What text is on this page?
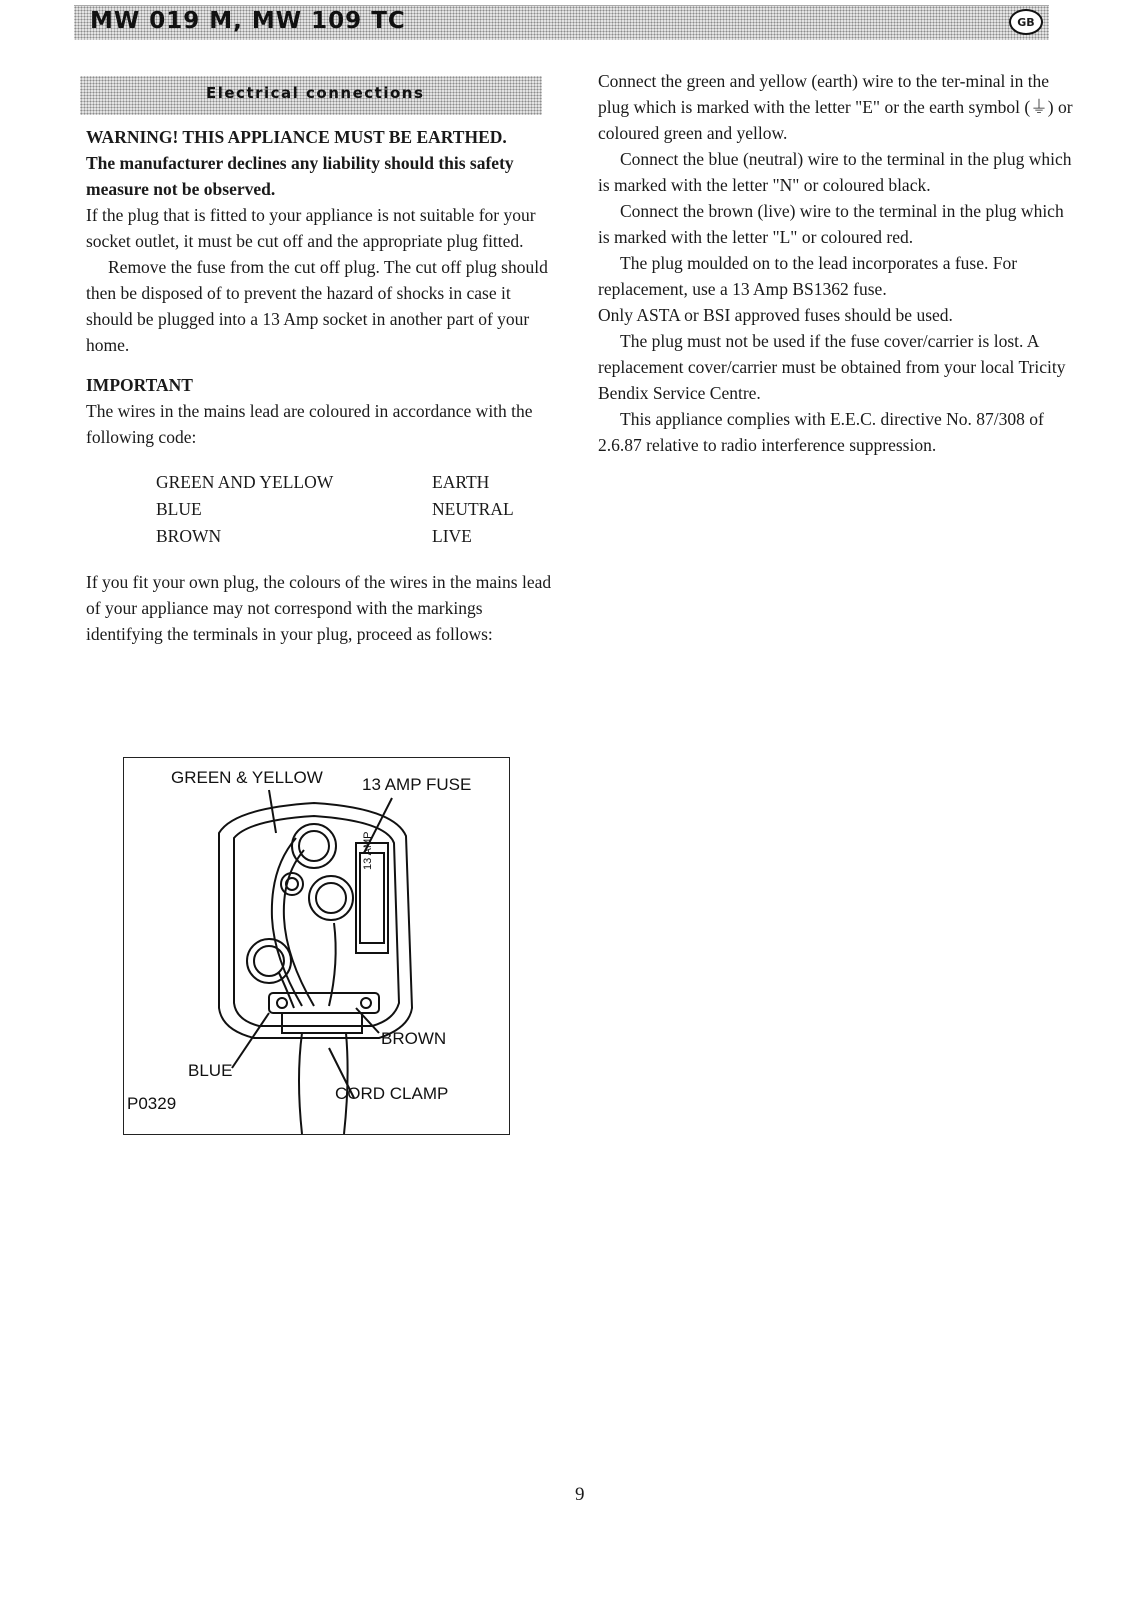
MW 019 M, MW 109 TC	GB
Electrical connections

WARNING! THIS APPLIANCE MUST BE EARTHED.

The manufacturer declines any liability should this safety measure not be observed.

If the plug that is fitted to your appliance is not suitable for your socket outlet, it must be cut off and the appropriate plug fitted.

Remove the fuse from the cut off plug. The cut off plug should then be disposed of to prevent the hazard of shocks in case it should be plugged into a 13 Amp socket in another part of your home.

IMPORTANT

The wires in the mains lead are coloured in accordance with the following code:

GREEN AND YELLOW	EARTH
BLUE	NEUTRAL
BROWN	LIVE

If you fit your own plug, the colours of the wires in the mains lead of your appliance may not correspond with the markings identifying the terminals in your plug, proceed as follows:

GREEN & YELLOW 13 AMP FUSE
13 AMP
BROWN
BLUE
CORD CLAMP
P0329

Connect the green and yellow (earth) wire to the ter-minal in the plug which is marked with the letter "E" or the earth symbol (⏚) or coloured green and yellow.

Connect the blue (neutral) wire to the terminal in the plug which is marked with the letter "N" or coloured black.

Connect the brown (live) wire to the terminal in the plug which is marked with the letter "L" or coloured red.

The plug moulded on to the lead incorporates a fuse. For replacement, use a 13 Amp BS1362 fuse.

Only ASTA or BSI approved fuses should be used.

The plug must not be used if the fuse cover/carrier is lost. A replacement cover/carrier must be obtained from your local Tricity Bendix Service Centre.

This appliance complies with E.E.C. directive No. 87/308 of 2.6.87 relative to radio interference suppression.

9
